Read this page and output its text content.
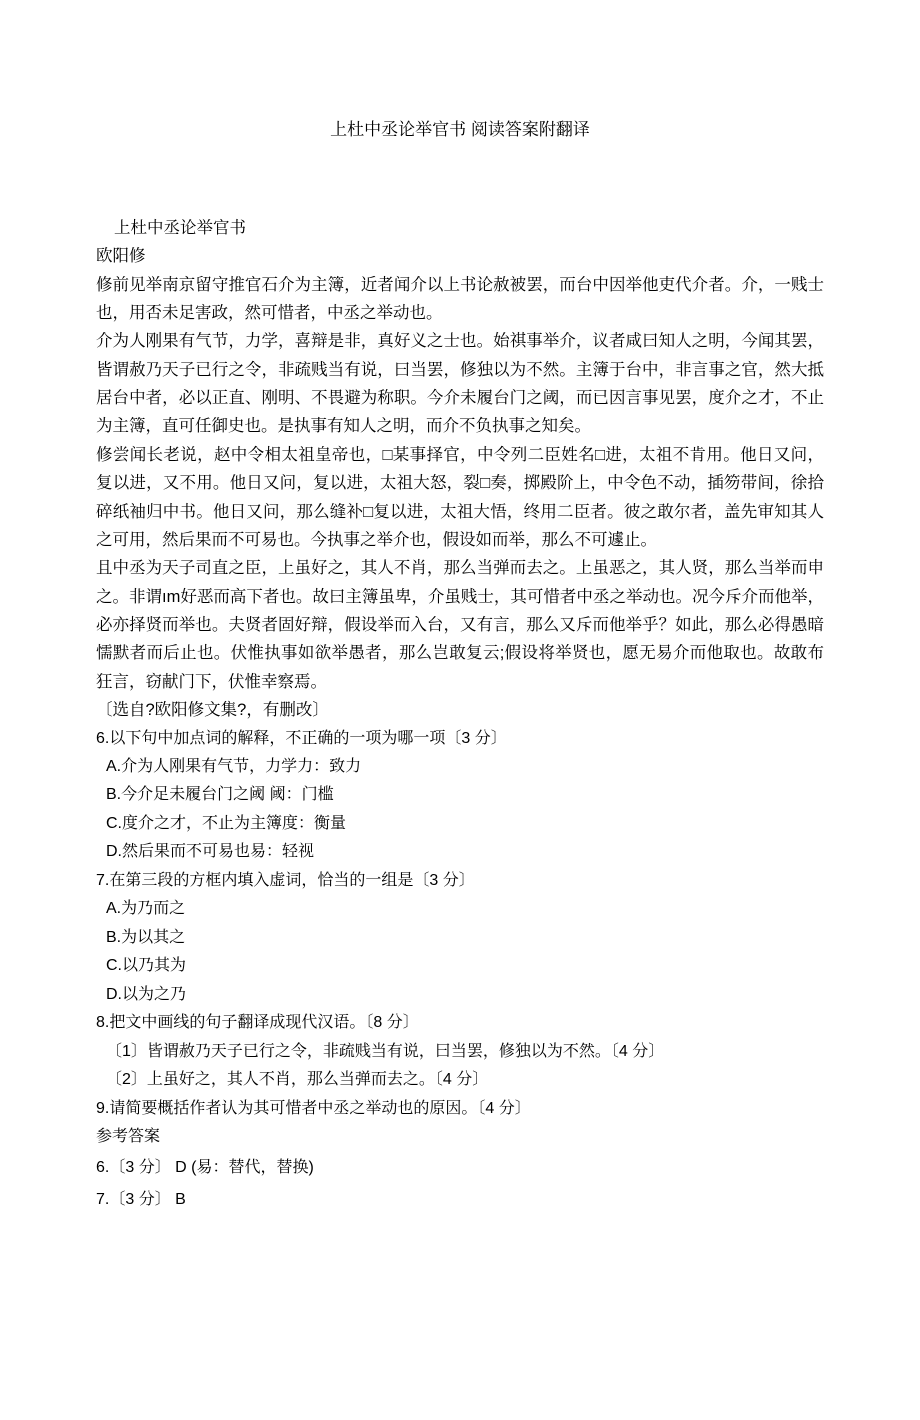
上杜中丞论举官书 阅读答案附翻译

上杜中丞论举官书

欧阳修

修前见举南京留守推官石介为主簿，近者闻介以上书论赦被罢，而台中因举他吏代介者。介，一贱士也，用否未足害政，然可惜者，中丞之举动也。

介为人刚果有气节，力学，喜辩是非，真好义之士也。始祺事举介，议者咸曰知人之明，今闻其罢，皆谓赦乃天子已行之令，非疏贱当有说，曰当罢，修独以为不然。主簿于台中，非言事之官，然大抵居台中者，必以正直、刚明、不畏避为称职。今介未履台门之阈，而已因言事见罢，度介之才，不止为主簿，直可任御史也。是执事有知人之明，而介不负执事之知矣。

修尝闻长老说，赵中令相太祖皇帝也，□某事择官，中令列二臣姓名□进，太祖不肯用。他日又问，复以进，又不用。他日又问，复以进，太祖大怒，裂□奏，掷殿阶上，中令色不动，插笏带间，徐拾碎纸袖归中书。他日又问，那么缝补□复以进，太祖大悟，终用二臣者。彼之敢尔者，盖先审知其人之可用，然后果而不可易也。今执事之举介也，假设如而举，那么不可遽止。

且中丞为天子司直之臣，上虽好之，其人不肖，那么当弹而去之。上虽恶之，其人贤，那么当举而申之。非谓ım好恶而高下者也。故曰主簿虽卑，介虽贱士，其可惜者中丞之举动也。况今斥介而他举，必亦择贤而举也。夫贤者固好辩，假设举而入台，又有言，那么又斥而他举乎？如此，那么必得愚暗懦默者而后止也。伏惟执事如欲举愚者，那么岂敢复云;假设将举贤也，愿无易介而他取也。故敢布狂言，窃献门下，伏惟幸察焉。

〔选自?欧阳修文集?，有删改〕

6.以下句中加点词的解释，不正确的一项为哪一项〔3 分〕

A.介为人刚果有气节，力学力：致力

B.今介足未履台门之阈 阈：门槛

C.度介之才，不止为主簿度：衡量

D.然后果而不可易也易：轻视

7.在第三段的方框内填入虚词，恰当的一组是〔3 分〕

A.为乃而之

B.为以其之

C.以乃其为

D.以为之乃

8.把文中画线的句子翻译成现代汉语。〔8 分〕

〔1〕皆谓赦乃天子已行之令，非疏贱当有说，曰当罢，修独以为不然。〔4 分〕

〔2〕上虽好之，其人不肖，那么当弹而去之。〔4 分〕

9.请简要概括作者认为其可惜者中丞之举动也的原因。〔4 分〕

参考答案

6.〔3 分〕 D (易：替代，替换)

7.〔3 分〕 B
